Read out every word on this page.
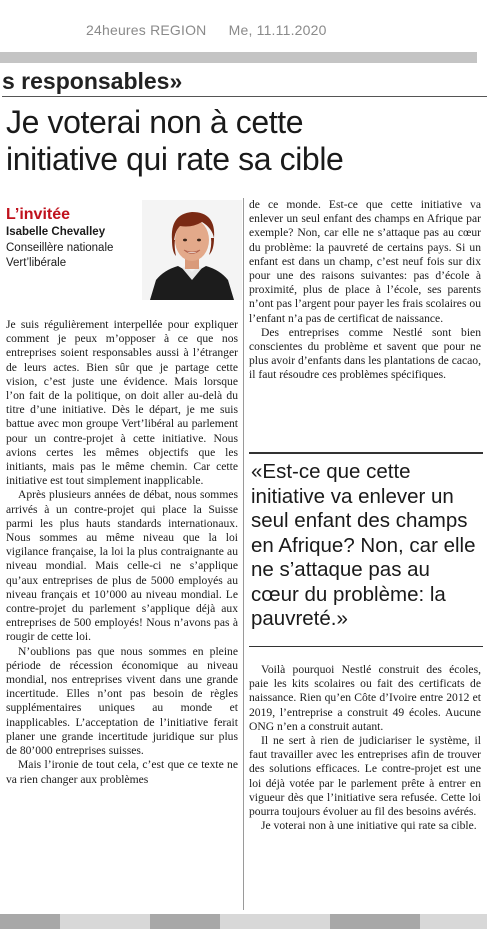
24heures REGION Me, 11.11.2020
s responsables»
Je voterai non à cette
initiative qui rate sa cible
L’invitée
Isabelle Chevalley
Conseillère nationale
Vert’libérale

Je suis régulièrement interpellée pour expliquer comment je peux m’opposer à ce que nos entreprises soient responsables aussi à l’étranger de leurs actes. Bien sûr que je partage cette vision, c’est juste une évidence. Mais lorsque l’on fait de la politique, on doit aller au-delà du titre d’une initiative. Dès le départ, je me suis battue avec mon groupe Vert’libéral au parlement pour un contre-projet à cette initiative. Nous avions certes les mêmes objectifs que les initiants, mais pas le même chemin. Car cette initiative est tout simplement inapplicable.

Après plusieurs années de débat, nous sommes arrivés à un contre-projet qui place la Suisse parmi les plus hauts standards internationaux. Nous sommes au même niveau que la loi vigilance française, la loi la plus contraignante au niveau mondial. Mais celle-ci ne s’applique qu’aux entreprises de plus de 5000 employés au niveau français et 10’000 au niveau mondial. Le contre-projet du parlement s’applique déjà aux entreprises de 500 employés! Nous n’avons pas à rougir de cette loi.

N’oublions pas que nous sommes en pleine période de récession économique au niveau mondial, nos entreprises vivent dans une grande incertitude. Elles n’ont pas besoin de règles supplémentaires uniques au monde et inapplicables. L’acceptation de l’initiative ferait planer une grande incertitude juridique sur plus de 80’000 entreprises suisses.

Mais l’ironie de tout cela, c’est que ce texte ne va rien changer aux problèmes

de ce monde. Est-ce que cette initiative va enlever un seul enfant des champs en Afrique par exemple? Non, car elle ne s’attaque pas au cœur du problème: la pauvreté de certains pays. Si un enfant est dans un champ, c’est neuf fois sur dix pour une des raisons suivantes: pas d’école à proximité, plus de place à l’école, ses parents n’ont pas l’argent pour payer les frais scolaires ou l’enfant n’a pas de certificat de naissance.

Des entreprises comme Nestlé sont bien conscientes du problème et savent que pour ne plus avoir d’enfants dans les plantations de cacao, il faut résoudre ces problèmes spécifiques.

«Est-ce que cette initiative va enlever un seul enfant des champs en Afrique? Non, car elle ne s’attaque pas au cœur du problème: la pauvreté.»

Voilà pourquoi Nestlé construit des écoles, paie les kits scolaires ou fait des certificats de naissance. Rien qu’en Côte d’Ivoire entre 2012 et 2019, l’entreprise a construit 49 écoles. Aucune ONG n’en a construit autant.

Il ne sert à rien de judiciariser le système, il faut travailler avec les entreprises afin de trouver des solutions efficaces. Le contre-projet est une loi déjà votée par le parlement prête à entrer en vigueur dès que l’initiative sera refusée. Cette loi pourra toujours évoluer au fil des besoins avérés.

Je voterai non à une initiative qui rate sa cible.
